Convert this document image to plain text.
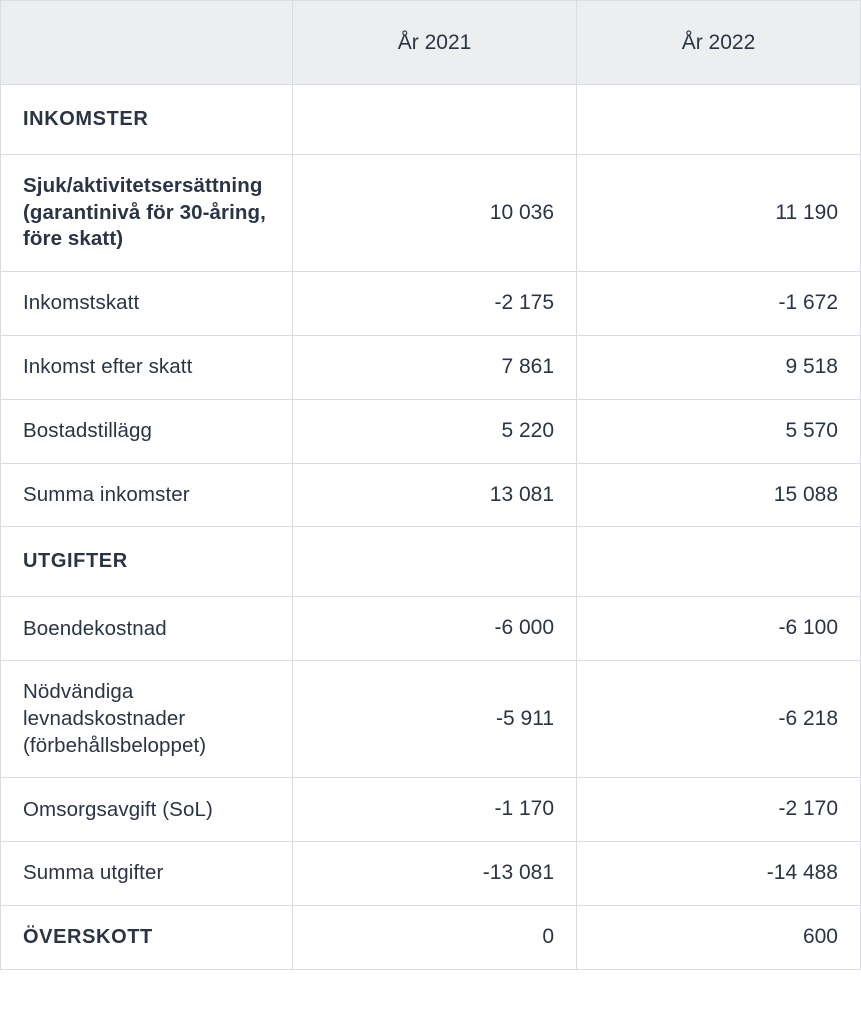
	År 2021	År 2022
INKOMSTER		
Sjuk/aktivitetsersättning (garantinivå för 30-åring, före skatt)	10 036	11 190
Inkomstskatt	-2 175	-1 672
Inkomst efter skatt	7 861	9 518
Bostadstillägg	5 220	5 570
Summa inkomster	13 081	15 088
UTGIFTER		
Boendekostnad	-6 000	-6 100
Nödvändiga levnadskostnader (förbehållsbeloppet)	-5 911	-6 218
Omsorgsavgift (SoL)	-1 170	-2 170
Summa utgifter	-13 081	-14 488
ÖVERSKOTT	0	600
